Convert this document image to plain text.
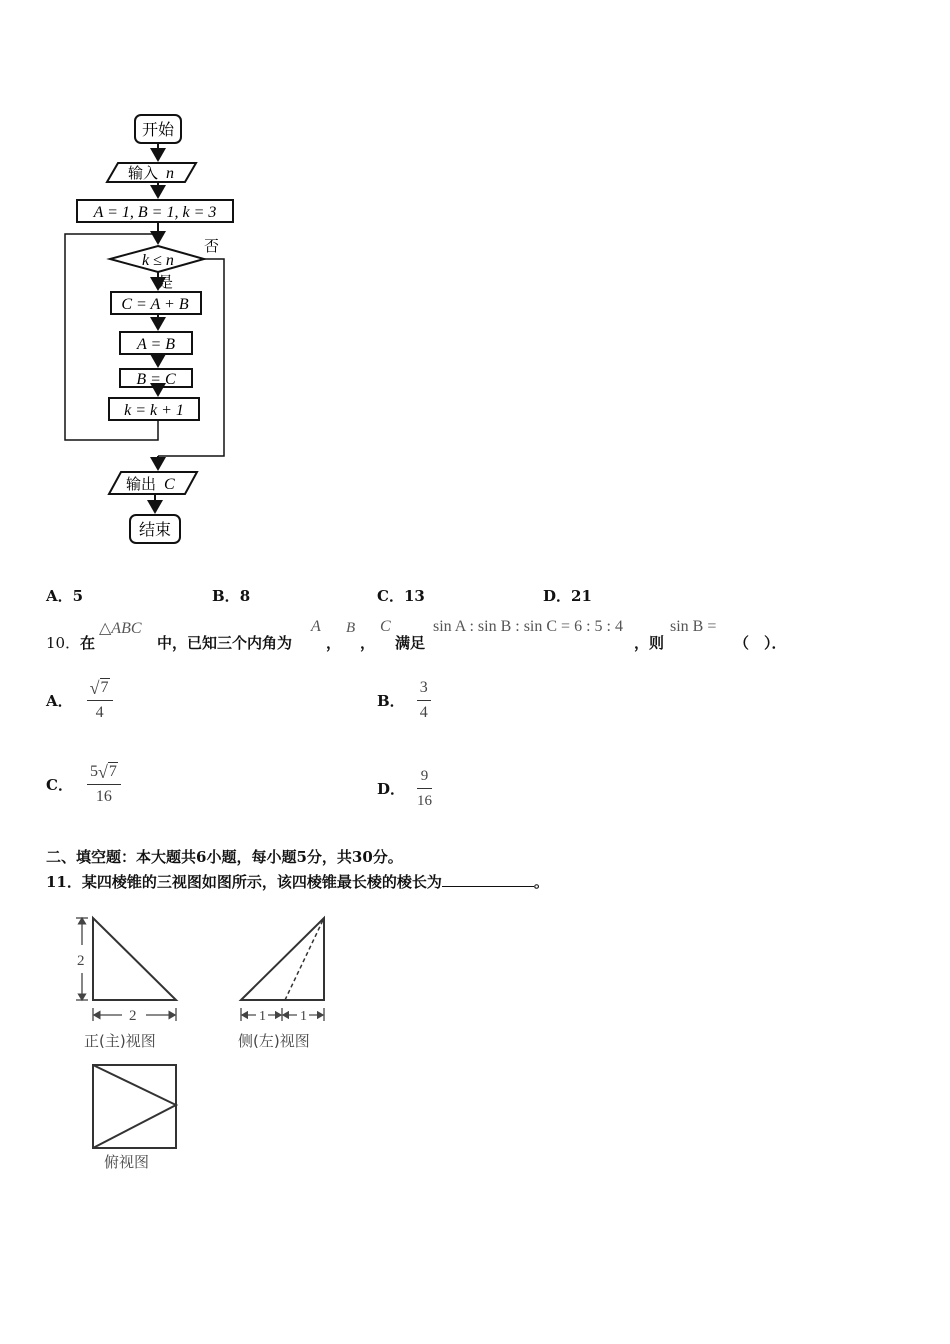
开始
输入 n
A = 1, B = 1, k = 3
k ≤ n
否
是
C = A + B
A = B
B = C
k = k + 1
输出 C
结束
A．5	B．8	C．13	D．21
10． 在
△ABC
中，已知三个内角为
A
，
B
，
C
满足
sin A : sin B : sin C = 6 : 5 : 4
，则
sin B =
（　）．
A． $\frac{√ 7}{4}$	B． $\frac{3}{4}$
C． $\frac{5 √ 7}{16}$	D． $\frac{9}{16}$
二、填空题：本大题共6小题，每小题5分，共30分。
11．某四棱锥的三视图如图所示，该四棱锥最长棱的棱长为	。
2
2
正(主)视图
1 1
侧(左)视图
俯视图
